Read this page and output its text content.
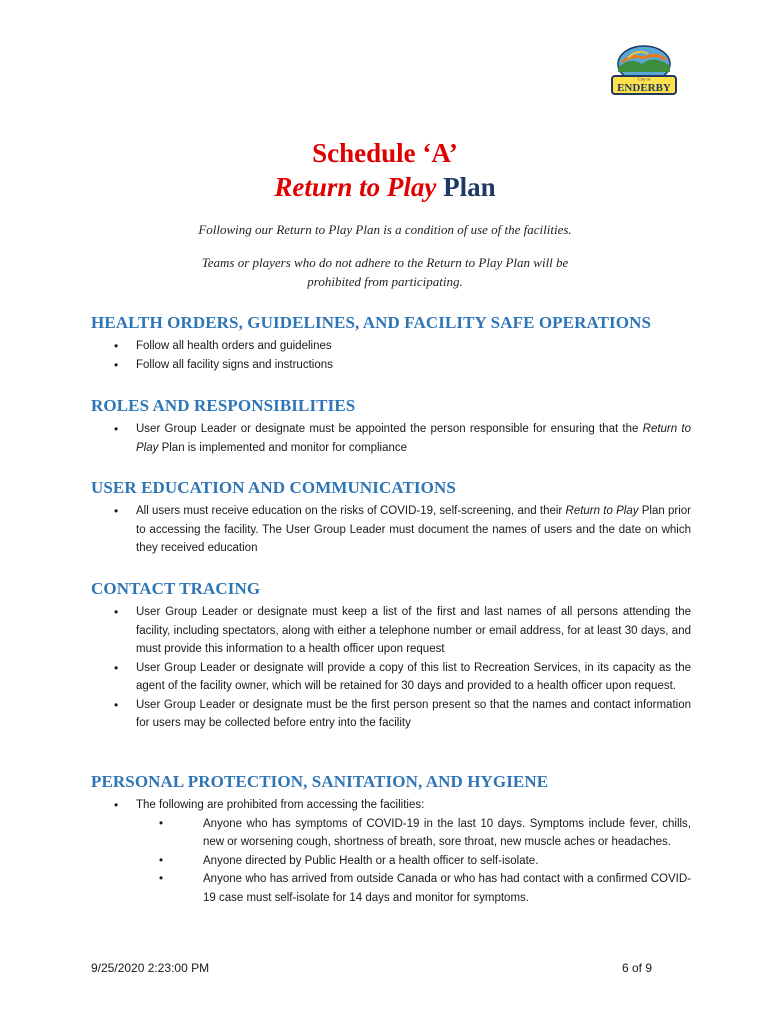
City of
ENDERBY
Schedule ‘A’
Return to Play Plan
Following our Return to Play Plan is a condition of use of the facilities.
Teams or players who do not adhere to the Return to Play Plan will be
prohibited from participating.
HEALTH ORDERS, GUIDELINES, AND FACILITY SAFE OPERATIONS
• Follow all health orders and guidelines
• Follow all facility signs and instructions
ROLES AND RESPONSIBILITIES
• User Group Leader or designate must be appointed the person responsible for ensuring that the Return to Play Plan is implemented and monitor for compliance
USER EDUCATION AND COMMUNICATIONS
• All users must receive education on the risks of COVID-19, self-screening, and their Return to Play Plan prior to accessing the facility. The User Group Leader must document the names of users and the date on which they received education
CONTACT TRACING
• User Group Leader or designate must keep a list of the first and last names of all persons attending the facility, including spectators, along with either a telephone number or email address, for at least 30 days, and must provide this information to a health officer upon request
• User Group Leader or designate will provide a copy of this list to Recreation Services, in its capacity as the agent of the facility owner, which will be retained for 30 days and provided to a health officer upon request.
• User Group Leader or designate must be the first person present so that the names and contact information for users may be collected before entry into the facility
PERSONAL PROTECTION, SANITATION, AND HYGIENE
• The following are prohibited from accessing the facilities:
• Anyone who has symptoms of COVID-19 in the last 10 days. Symptoms include fever, chills, new or worsening cough, shortness of breath, sore throat, new muscle aches or headaches.
• Anyone directed by Public Health or a health officer to self-isolate.
• Anyone who has arrived from outside Canada or who has had contact with a confirmed COVID-19 case must self-isolate for 14 days and monitor for symptoms.
9/25/2020 2:23:00 PM	6 of 9
